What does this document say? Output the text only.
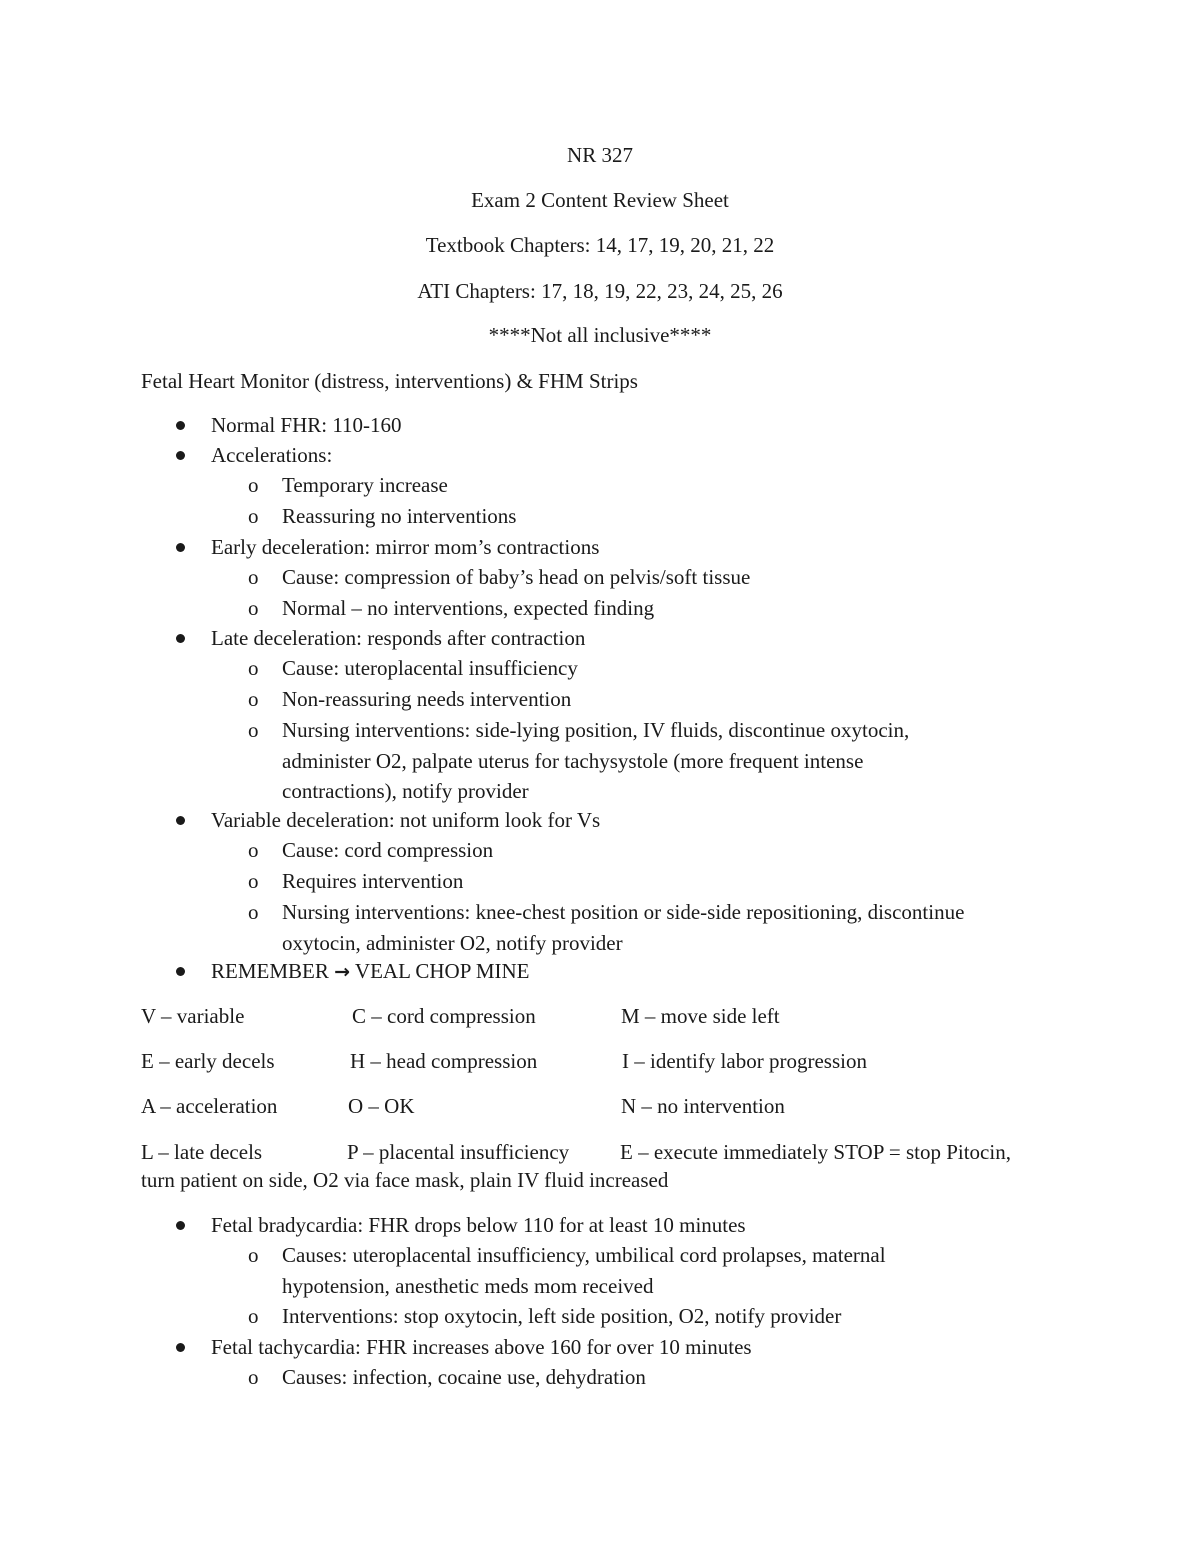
NR 327
Exam 2 Content Review Sheet
Textbook Chapters: 14, 17, 19, 20, 21, 22
ATI Chapters: 17, 18, 19, 22, 23, 24, 25, 26
****Not all inclusive****
Fetal Heart Monitor (distress, interventions) & FHM Strips
Normal FHR: 110-160
Accelerations:
o Temporary increase
o Reassuring no interventions
Early deceleration: mirror mom’s contractions
o Cause: compression of baby’s head on pelvis/soft tissue
o Normal – no interventions, expected finding
Late deceleration: responds after contraction
o Cause: uteroplacental insufficiency
o Non-reassuring needs intervention
o Nursing interventions: side-lying position, IV fluids, discontinue oxytocin,
administer O2, palpate uterus for tachysystole (more frequent intense
contractions), notify provider
Variable deceleration: not uniform look for Vs
o Cause: cord compression
o Requires intervention
o Nursing interventions: knee-chest position or side-side repositioning, discontinue
oxytocin, administer O2, notify provider
REMEMBER → VEAL CHOP MINE
V – variable	C – cord compression	M – move side left
E – early decels	H – head compression	I – identify labor progression
A – acceleration	O – OK	N – no intervention
L – late decels	P – placental insufficiency E – execute immediately STOP = stop Pitocin,
turn patient on side, O2 via face mask, plain IV fluid increased
Fetal bradycardia: FHR drops below 110 for at least 10 minutes
o Causes: uteroplacental insufficiency, umbilical cord prolapses, maternal
hypotension, anesthetic meds mom received
o Interventions: stop oxytocin, left side position, O2, notify provider
Fetal tachycardia: FHR increases above 160 for over 10 minutes
o Causes: infection, cocaine use, dehydration
